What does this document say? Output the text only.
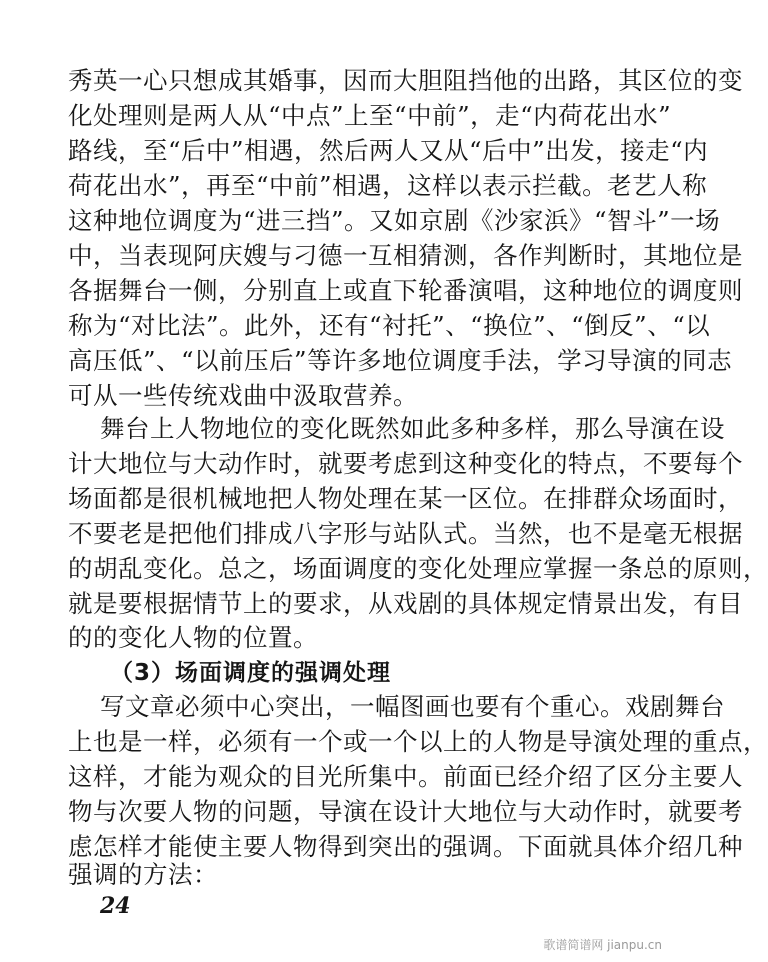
秀英一心只想成其婚事，因而大胆阻挡他的出路，其区位的变
化处理则是两人从“中点”上至“中前”，走“内荷花出水”
路线，至“后中”相遇，然后两人又从“后中”出发，接走“内
荷花出水”，再至“中前”相遇，这样以表示拦截。老艺人称
这种地位调度为“进三挡”。又如京剧《沙家浜》“智斗”一场
中，当表现阿庆嫂与刁德一互相猜测，各作判断时，其地位是
各据舞台一侧，分别直上或直下轮番演唱，这种地位的调度则
称为“对比法”。此外，还有“衬托”、“换位”、“倒反”、“以
高压低”、“以前压后”等许多地位调度手法，学习导演的同志
可从一些传统戏曲中汲取营养。
舞台上人物地位的变化既然如此多种多样，那么导演在设
计大地位与大动作时，就要考虑到这种变化的特点，不要每个
场面都是很机械地把人物处理在某一区位。在排群众场面时，
不要老是把他们排成八字形与站队式。当然，也不是毫无根据
的胡乱变化。总之，场面调度的变化处理应掌握一条总的原则，
就是要根据情节上的要求，从戏剧的具体规定情景出发，有目
的的变化人物的位置。
（3）场面调度的强调处理
写文章必须中心突出，一幅图画也要有个重心。戏剧舞台
上也是一样，必须有一个或一个以上的人物是导演处理的重点，
这样，才能为观众的目光所集中。前面已经介绍了区分主要人
物与次要人物的问题，导演在设计大地位与大动作时，就要考
虑怎样才能使主要人物得到突出的强调。下面就具体介绍几种
强调的方法：
24
歌谱简谱网 jianpu.cn
